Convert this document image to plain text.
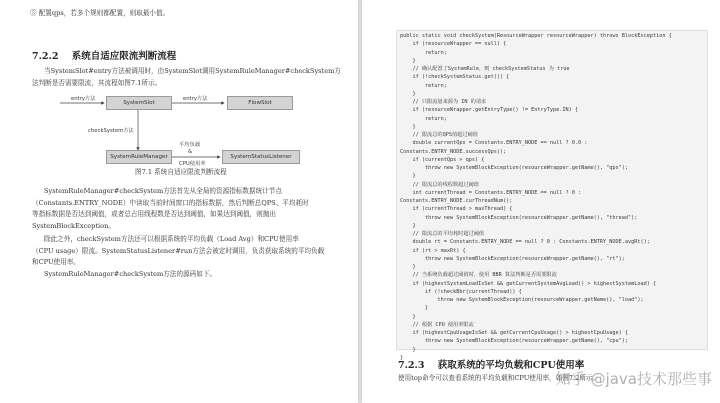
⑤ 配置qps，若多个规则都配置，则取最小值。
7.2.2 系统自适应限流判断流程
当SystemSlot#entry方法被调用时，由SystemSlot调用SystemRuleManager#checkSystem方
法判断是否需要限流，其流程如图7.1所示。
entry方法
SystemSlot
entry方法
FlowSlot
checkSystem方法
平均负载
&
CPU使用率
SystemRuleManager	SystemStatusListener
图7.1 系统自适应限流判断流程
SystemRuleManager#checkSystem方法首先从全局的资源指标数据统计节点
（Constants.ENTRY_NODE）中读取当前时间窗口的指标数据，然后判断总QPS、平均耗时
等指标数据是否达到阈值，或者总占用线程数是否达到阈值，如果达到阈值，则抛出
SystemBlockException。
除此之外，checkSystem方法还可以根据系统的平均负载（Load Avg）和CPU使用率
（CPU usage）限流。SystemStatusListener#run方法会被定时调用，负责获取系统的平均负载
和CPU使用率。
SystemRuleManager#checkSystem方法的源码如下。
public static void checkSystem(ResourceWrapper resourceWrapper) throws BlockException {
if (resourceWrapper == null) {
return;
}
// 确认配置了SystemRule，则 checkSystemStatus 为 true
if (!checkSystemStatus.get()) {
return;
}
// 只限流量来源为 IN 的请求
if (resourceWrapper.getEntryType() != EntryType.IN) {
return;
}
// 限流总的QPS值超过阈值
double currentQps = Constants.ENTRY_NODE == null ? 0.0 :
Constants.ENTRY_NODE.successQps();
if (currentQps > qps) {
throw new SystemBlockException(resourceWrapper.getName(), "qps");
}
// 限流总的线程数超过阈值
int currentThread = Constants.ENTRY_NODE == null ? 0 :
Constants.ENTRY_NODE.curThreadNum();
if (currentThread > maxThread) {
throw new SystemBlockException(resourceWrapper.getName(), "thread");
}
// 限流总的平均耗时超过阈值
double rt = Constants.ENTRY_NODE == null ? 0 : Constants.ENTRY_NODE.avgRt();
if (rt > maxRt) {
throw new SystemBlockException(resourceWrapper.getName(), "rt");
}
// 当系统负载超过阈值时，使用 BBR 算法判断是否需要限流
if (highestSystemLoadIsSet && getCurrentSystemAvgLoad() > highestSystemLoad) {
if (!checkBbr(currentThread)) {
throw new SystemBlockException(resourceWrapper.getName(), "load");
}
}
// 根据 CPU 使用率限流
if (highestCpuUsageIsSet && getCurrentCpuUsage() > highestCpuUsage) {
throw new SystemBlockException(resourceWrapper.getName(), "cpu");
}
}
7.2.3 获取系统的平均负载和CPU使用率
使用top命令可以查看系统的平均负载和CPU使用率，如图7.2所示。
知乎 @java技术那些事
